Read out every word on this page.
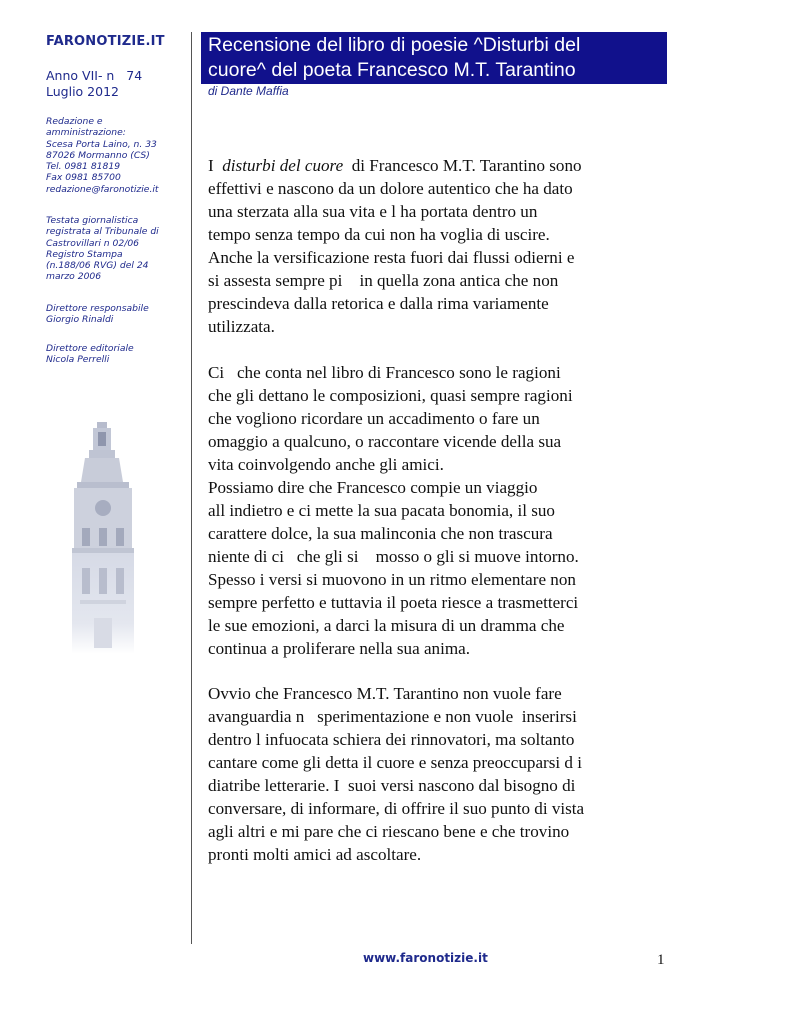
FARONOTIZIE.IT
Anno VII- n   74
Luglio 2012
Redazione e
amministrazione:
Scesa Porta Laino, n. 33
87026 Mormanno (CS)
Tel. 0981 81819
Fax 0981 85700
redazione@faronotizie.it
Testata giornalistica
registrata al Tribunale di
Castrovillari n 02/06
Registro Stampa
(n.188/06 RVG) del 24
marzo 2006
Direttore responsabile
Giorgio Rinaldi
Direttore editoriale
Nicola Perrelli
Recensione del libro di poesie ^Disturbi del
cuore^ del poeta Francesco M.T. Tarantino
di Dante Maffia
I  disturbi del cuore  di Francesco M.T. Tarantino sono
effettivi e nascono da un dolore autentico che ha dato
una sterzata alla sua vita e l ha portata dentro un
tempo senza tempo da cui non ha voglia di uscire.
Anche la versificazione resta fuori dai flussi odierni e
si assesta sempre pi    in quella zona antica che non
prescindeva dalla retorica e dalla rima variamente
utilizzata.
Ci   che conta nel libro di Francesco sono le ragioni
che gli dettano le composizioni, quasi sempre ragioni
che vogliono ricordare un accadimento o fare un
omaggio a qualcuno, o raccontare vicende della sua
vita coinvolgendo anche gli amici.
Possiamo dire che Francesco compie un viaggio
all indietro e ci mette la sua pacata bonomia, il suo
carattere dolce, la sua malinconia che non trascura
niente di ci   che gli si    mosso o gli si muove intorno.
Spesso i versi si muovono in un ritmo elementare non
sempre perfetto e tuttavia il poeta riesce a trasmetterci
le sue emozioni, a darci la misura di un dramma che
continua a proliferare nella sua anima.
Ovvio che Francesco M.T. Tarantino non vuole fare
avanguardia n   sperimentazione e non vuole  inserirsi
dentro l infuocata schiera dei rinnovatori, ma soltanto
cantare come gli detta il cuore e senza preoccuparsi d i
diatribe letterarie. I  suoi versi nascono dal bisogno di
conversare, di informare, di offrire il suo punto di vista
agli altri e mi pare che ci riescano bene e che trovino
pronti molti amici ad ascoltare.
www.faronotizie.it	1
